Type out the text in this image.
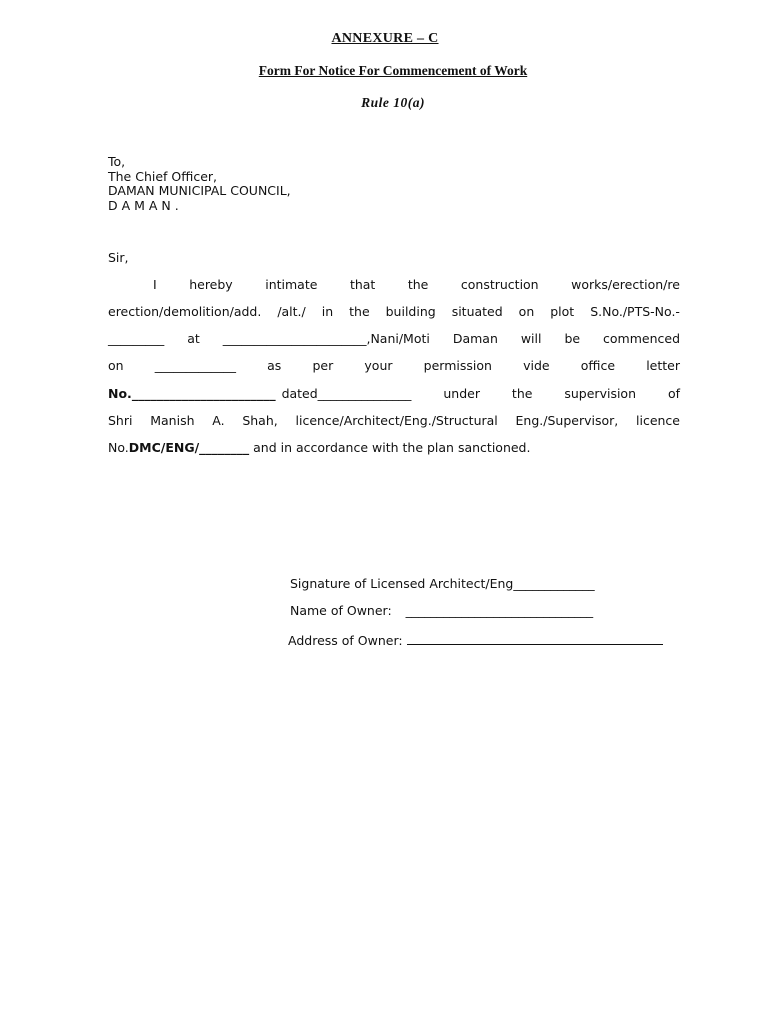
ANNEXURE – C
Form For Notice For Commencement of Work
Rule 10(a)
To,
The Chief Officer,
DAMAN MUNICIPAL COUNCIL,
D A M A N .
Sir,
I	hereby	intimate	that	the	construction	works/erection/re
erection/demolition/add. /alt./ in the building situated on plot S.No./PTS-No.-
_________ at _______________________,Nani/Moti Daman will be commenced
on _____________ as per your permission vide office letter
No._______________________ dated_______________	under	the	supervision	of
Shri Manish A. Shah, licence/Architect/Eng./Structural Eng./Supervisor, licence
No.DMC/ENG/________ and in accordance with the plan sanctioned.
Signature of Licensed Architect/Eng_____________
Name of Owner: ______________________________
Address of Owner:
